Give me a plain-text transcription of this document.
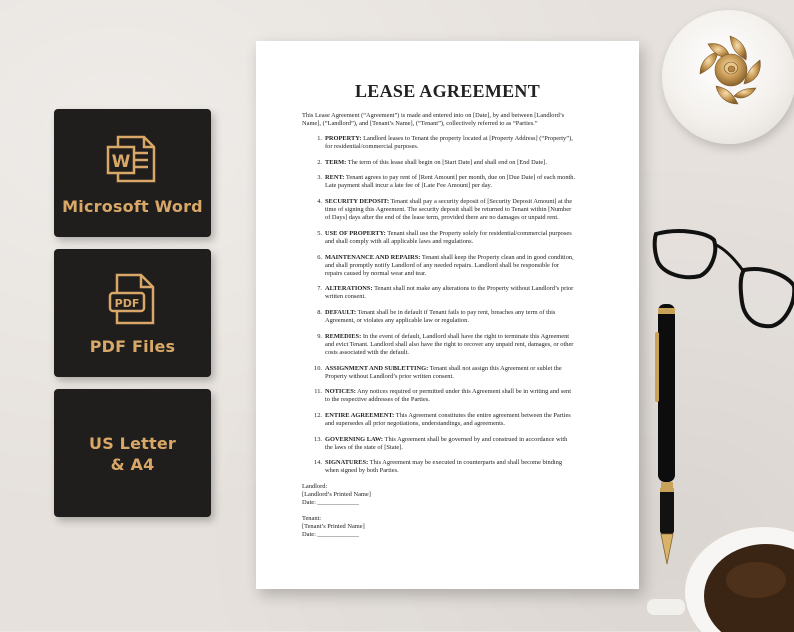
W
Microsoft Word
PDF
PDF Files
US Letter
& A4
LEASE AGREEMENT
This Lease Agreement (“Agreement”) is made and entered into on [Date], by and between [Landlord’s
Name], (“Landlord”), and [Tenant’s Name], (“Tenant”), collectively referred to as “Parties.”
1. PROPERTY: Landlord leases to Tenant the property located at [Property Address] (“Property”),
for residential/commercial purposes.
2. TERM: The term of this lease shall begin on [Start Date] and shall end on [End Date].
3. RENT: Tenant agrees to pay rent of [Rent Amount] per month, due on [Due Date] of each month.
Late payment shall incur a late fee of [Late Fee Amount] per day.
4. SECURITY DEPOSIT: Tenant shall pay a security deposit of [Security Deposit Amount] at the
time of signing this Agreement. The security deposit shall be returned to Tenant within [Number
of Days] days after the end of the lease term, provided there are no damages or unpaid rent.
5. USE OF PROPERTY: Tenant shall use the Property solely for residential/commercial purposes
and shall comply with all applicable laws and regulations.
6. MAINTENANCE AND REPAIRS: Tenant shall keep the Property clean and in good condition,
and shall promptly notify Landlord of any needed repairs. Landlord shall be responsible for
repairs caused by normal wear and tear.
7. ALTERATIONS: Tenant shall not make any alterations to the Property without Landlord’s prior
written consent.
8. DEFAULT: Tenant shall be in default if Tenant fails to pay rent, breaches any term of this
Agreement, or violates any applicable law or regulation.
9. REMEDIES: In the event of default, Landlord shall have the right to terminate this Agreement
and evict Tenant. Landlord shall also have the right to recover any unpaid rent, damages, or other
costs associated with the default.
10. ASSIGNMENT AND SUBLETTING: Tenant shall not assign this Agreement or sublet the
Property without Landlord’s prior written consent.
11. NOTICES: Any notices required or permitted under this Agreement shall be in writing and sent
to the respective addresses of the Parties.
12. ENTIRE AGREEMENT: This Agreement constitutes the entire agreement between the Parties
and supersedes all prior negotiations, understandings, and agreements.
13. GOVERNING LAW: This Agreement shall be governed by and construed in accordance with
the laws of the state of [State].
14. SIGNATURES: This Agreement may be executed in counterparts and shall become binding
when signed by both Parties.
Landlord:
[Landlord’s Printed Name]
Date: _____________
Tenant:
[Tenant’s Printed Name]
Date: _____________
